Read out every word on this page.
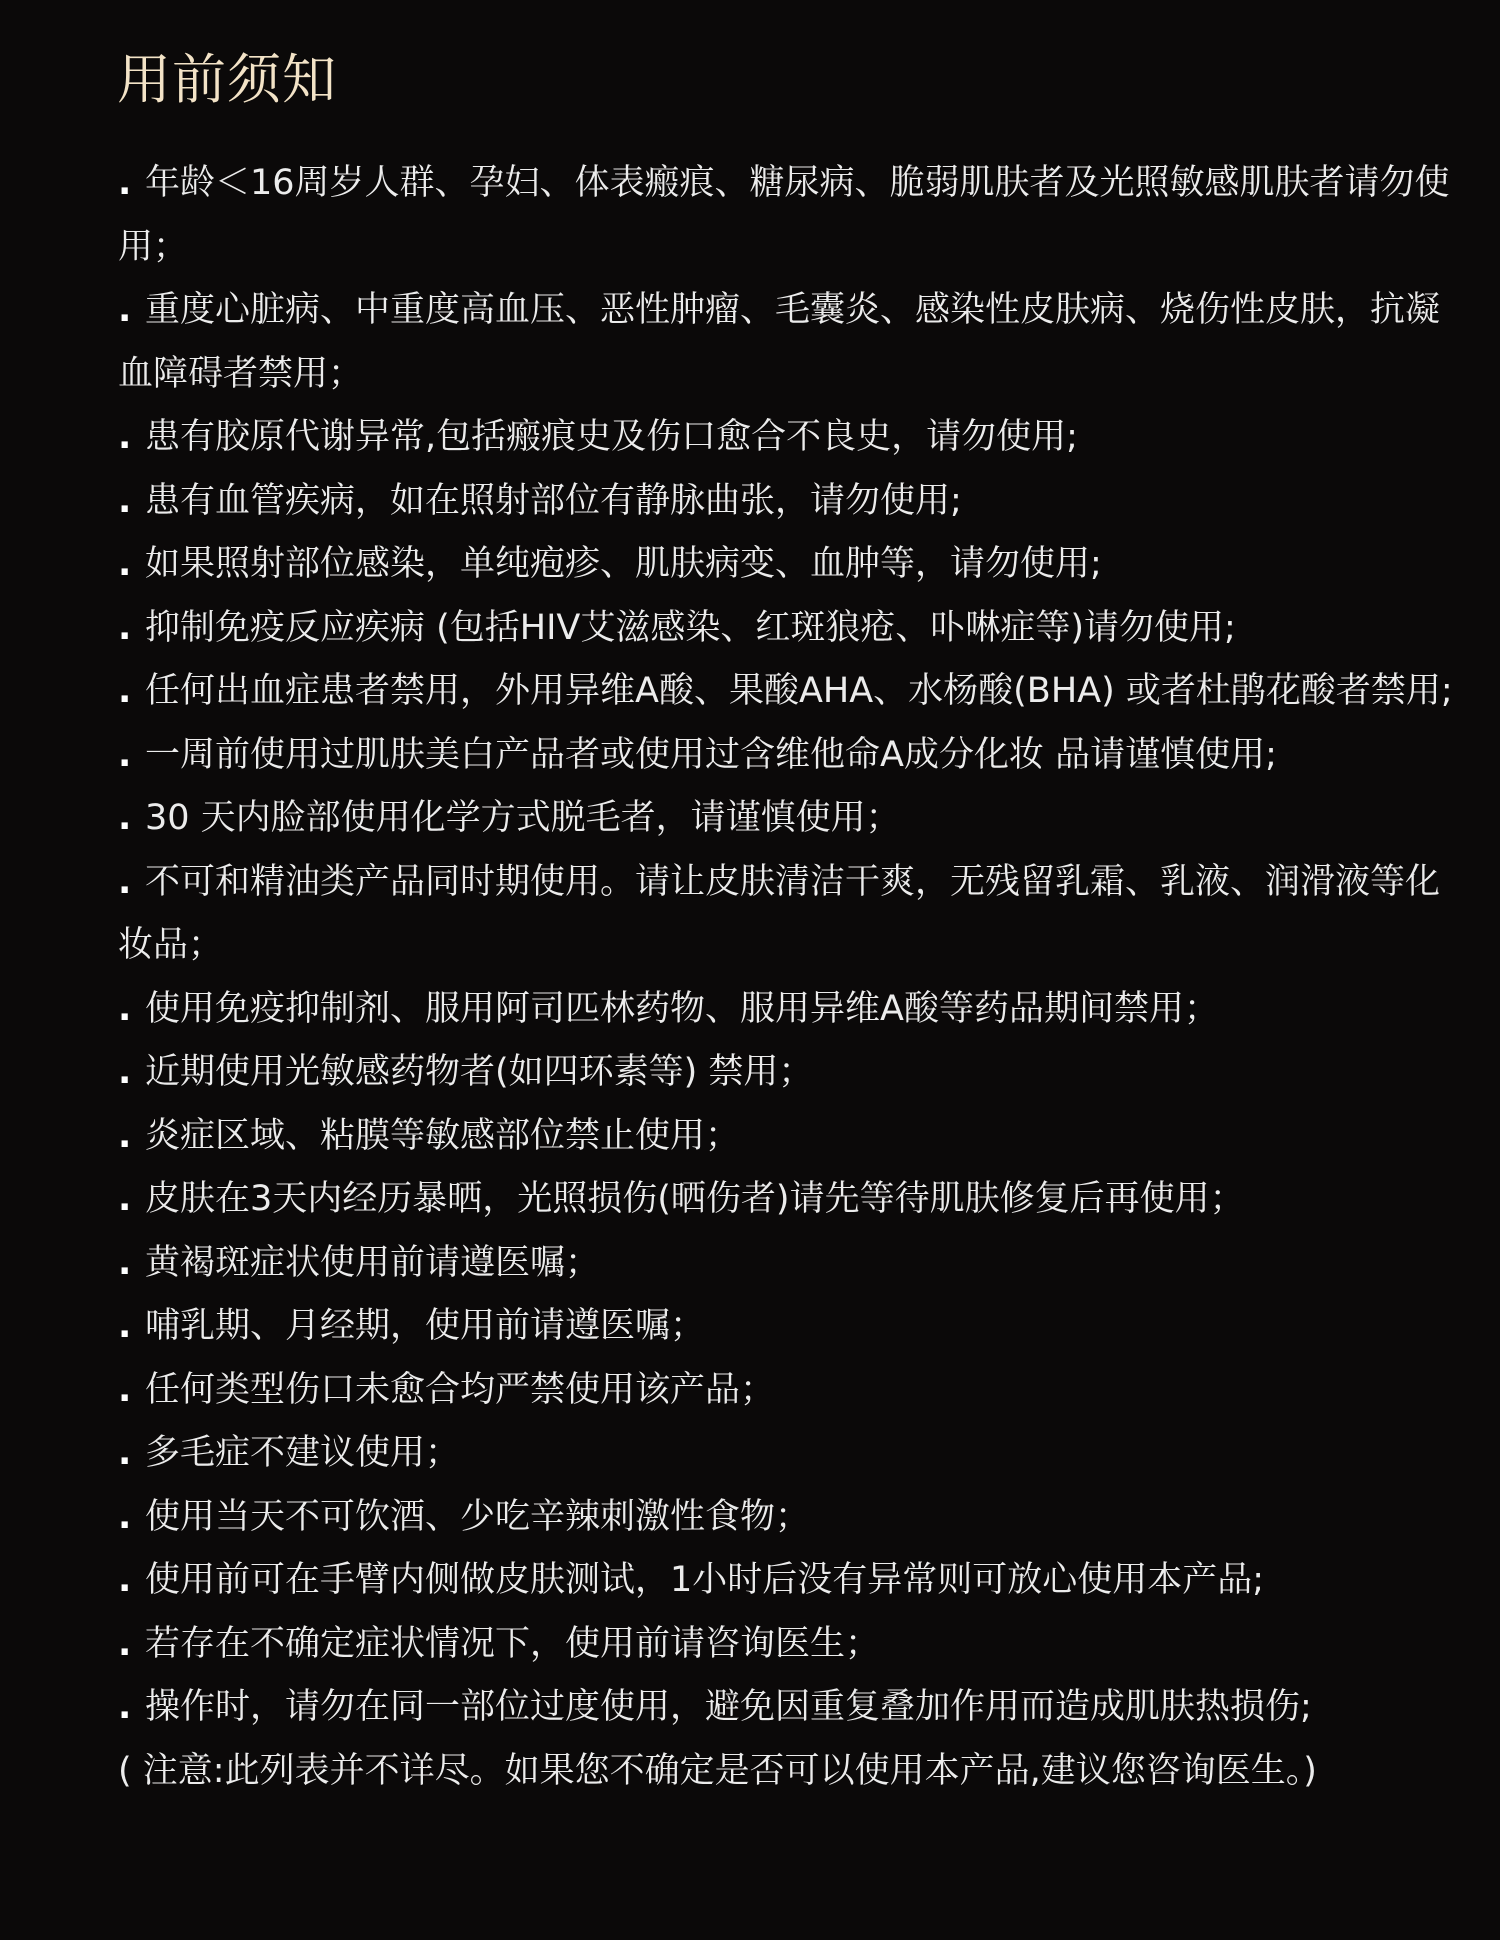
用前须知

. 年龄＜16周岁人群、孕妇、体表瘢痕、糖尿病、脆弱肌肤者及光照敏感肌肤者请勿使用；

. 重度心脏病、中重度高血压、恶性肿瘤、毛囊炎、感染性皮肤病、烧伤性皮肤，抗凝血障碍者禁用；

. 患有胶原代谢异常,包括瘢痕史及伤口愈合不良史，请勿使用;

. 患有血管疾病，如在照射部位有静脉曲张，请勿使用;

. 如果照射部位感染，单纯疱疹、肌肤病变、血肿等，请勿使用;

. 抑制免疫反应疾病 (包括HIV艾滋感染、红斑狼疮、卟啉症等)请勿使用;

. 任何出血症患者禁用，外用异维A酸、果酸AHA、水杨酸(BHA) 或者杜鹃花酸者禁用;

. 一周前使用过肌肤美白产品者或使用过含维他命A成分化妆 品请谨慎使用;

. 30 天内脸部使用化学方式脱毛者，请谨慎使用；

. 不可和精油类产品同时期使用。请让皮肤清洁干爽，无残留乳霜、乳液、润滑液等化妆品；

. 使用免疫抑制剂、服用阿司匹林药物、服用异维A酸等药品期间禁用；

. 近期使用光敏感药物者(如四环素等) 禁用；

. 炎症区域、粘膜等敏感部位禁止使用；

. 皮肤在3天内经历暴晒，光照损伤(晒伤者)请先等待肌肤修复后再使用；

. 黄褐斑症状使用前请遵医嘱；

. 哺乳期、月经期，使用前请遵医嘱；

. 任何类型伤口未愈合均严禁使用该产品；

. 多毛症不建议使用；

. 使用当天不可饮酒、少吃辛辣刺激性食物；

. 使用前可在手臂内侧做皮肤测试，1小时后没有异常则可放心使用本产品;

. 若存在不确定症状情况下，使用前请咨询医生；

. 操作时，请勿在同一部位过度使用，避免因重复叠加作用而造成肌肤热损伤;

( 注意:此列表并不详尽。如果您不确定是否可以使用本产品,建议您咨询医生。)
